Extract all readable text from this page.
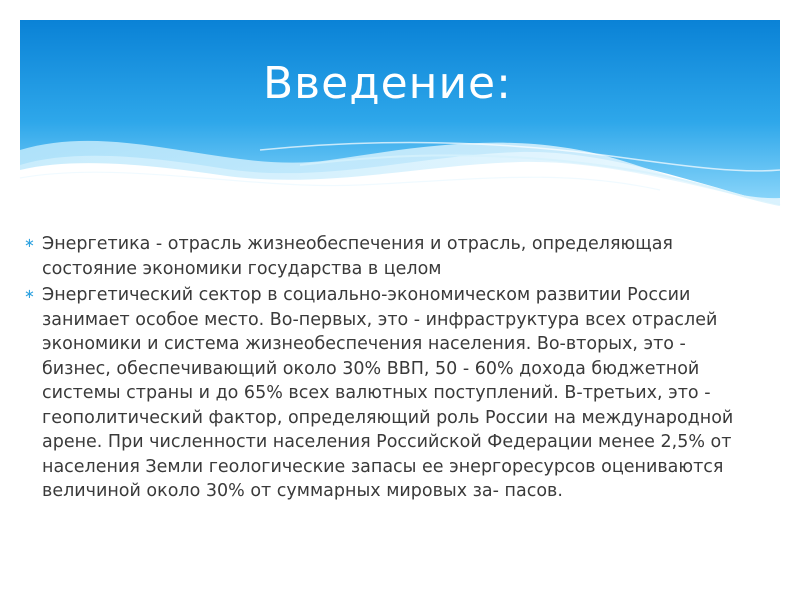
Введение:
∗ Энергетика - отрасль жизнеобеспечения и отрасль, определяющая состояние экономики государства в целом
∗ Энергетический сектор в социально-экономическом развитии России занимает особое место. Во-первых, это - инфраструктура всех отраслей экономики и система жизнеобеспечения населения. Во-вторых, это - бизнес, обеспечивающий около 30% ВВП, 50 - 60% дохода бюджетной системы страны и до 65% всех валютных поступлений. В-третьих, это - геополитический фактор, определяющий роль России на международной арене. При численности населения Российской Федерации менее 2,5% от населения Земли геологические запасы ее энергоресурсов оцениваются величиной около 30% от суммарных мировых за- пасов.
